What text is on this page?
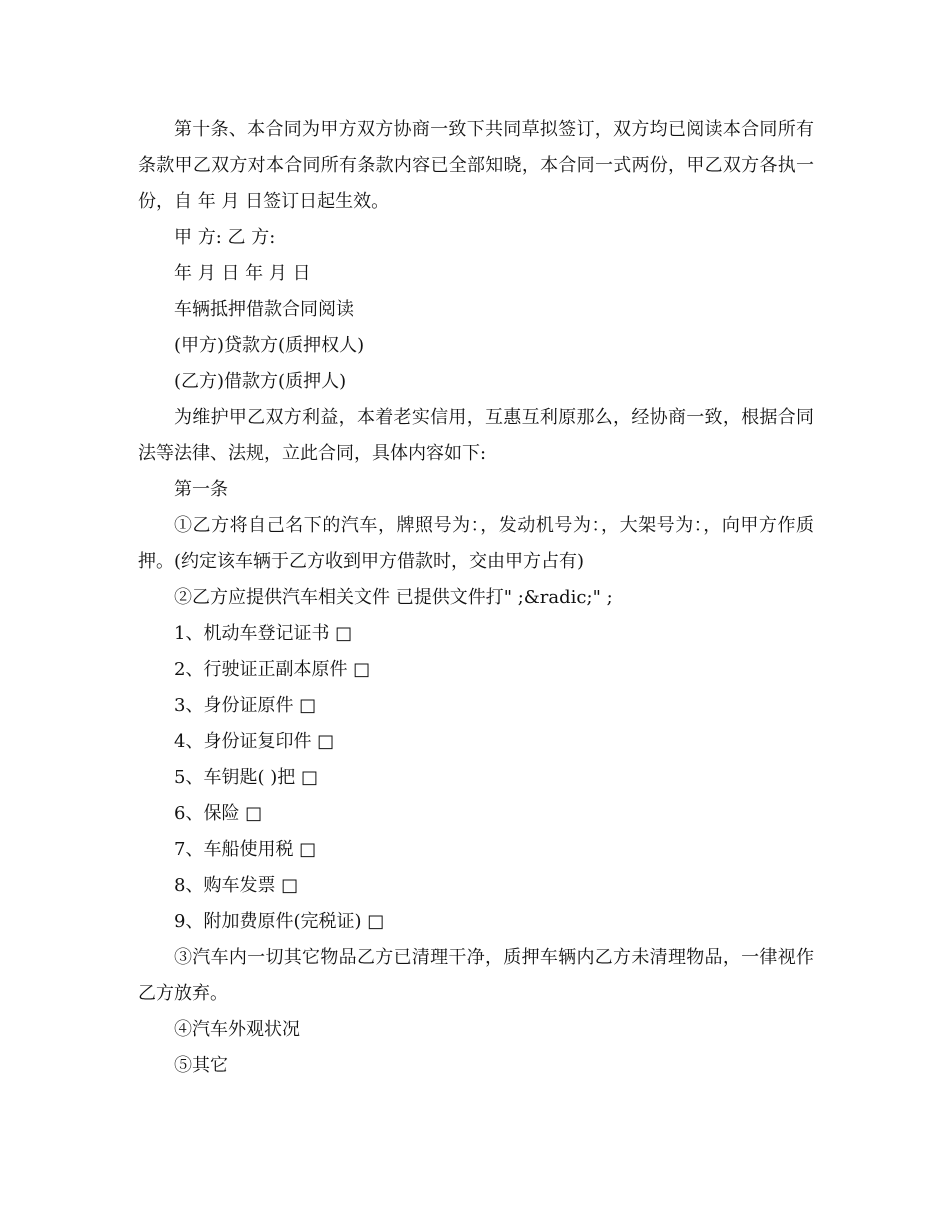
第十条、本合同为甲方双方协商一致下共同草拟签订，双方均已阅读本合同所有条款甲乙双方对本合同所有条款内容已全部知晓，本合同一式两份，甲乙双方各执一份，自 年 月 日签订日起生效。

甲 方: 乙 方:

年 月 日 年 月 日

车辆抵押借款合同阅读

(甲方)贷款方(质押权人)

(乙方)借款方(质押人)

为维护甲乙双方利益，本着老实信用，互惠互利原那么，经协商一致，根据合同法等法律、法规，立此合同，具体内容如下:

第一条

①乙方将自己名下的汽车，牌照号为：，发动机号为：，大架号为：，向甲方作质押。(约定该车辆于乙方收到甲方借款时，交由甲方占有)

②乙方应提供汽车相关文件 已提供文件打" ;&radic;" ;

1、机动车登记证书 □

2、行驶证正副本原件 □

3、身份证原件 □

4、身份证复印件 □

5、车钥匙( )把 □

6、保险 □

7、车船使用税 □

8、购车发票 □

9、附加费原件(完税证) □

③汽车内一切其它物品乙方已清理干净，质押车辆内乙方未清理物品，一律视作乙方放弃。

④汽车外观状况

⑤其它
